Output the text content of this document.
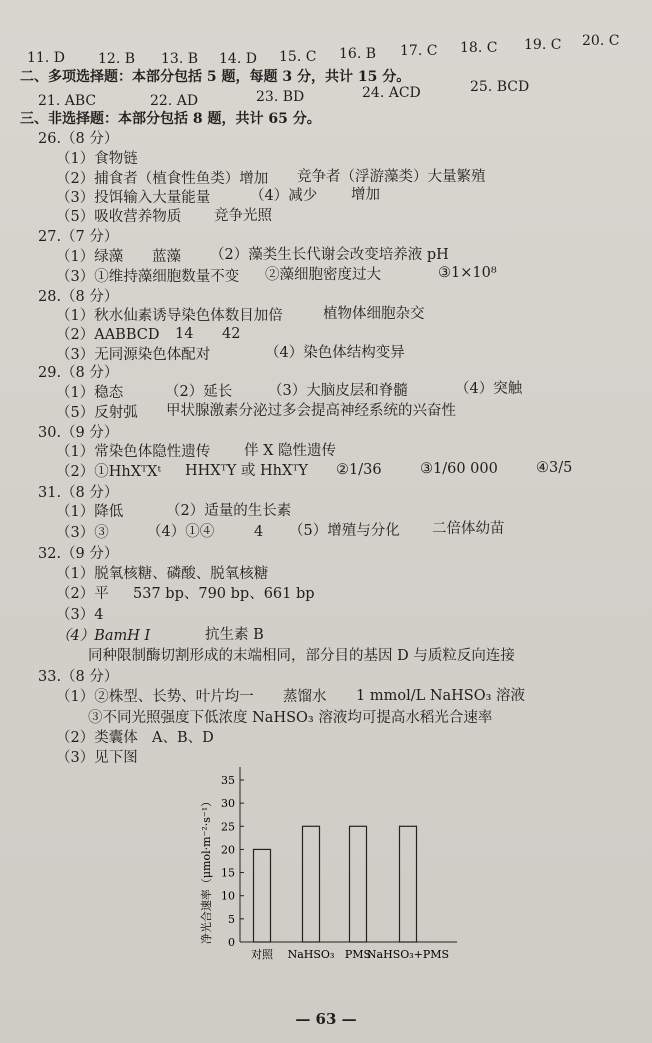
11. D 12. B 13. B 14. D 15. C 16. B 17. C 18. C 19. C 20. C
二、多项选择题：本部分包括 5 题，每题 3 分，共计 15 分。
21. ABC	22. AD	23. BD	24. ACD	25. BCD
三、非选择题：本部分包括 8 题，共计 65 分。
26.（8 分）
（1）食物链
（2）捕食者（植食性鱼类）增加 竞争者（浮游藻类）大量繁殖
（3）投饵输入大量能量	（4）减少 增加
（5）吸收营养物质 竞争光照
27.（7 分）
（1）绿藻 蓝藻 （2）藻类生长代谢会改变培养液 pH
（3）①维持藻细胞数量不变 ②藻细胞密度过大	③1×10⁸
28.（8 分）
（1）秋水仙素诱导染色体数目加倍	植物体细胞杂交
（2）AABBCD 14 42
（3）无同源染色体配对	（4）染色体结构变异
29.（8 分）
（1）稳态	（2）延长 （3）大脑皮层和脊髓	（4）突触
（5）反射弧 甲状腺激素分泌过多会提高神经系统的兴奋性
30.（9 分）
（1）常染色体隐性遗传 伴 X 隐性遗传
（2）①HhXᵀXᵗ HHXᵀY 或 HhXᵀY ②1/36	③1/60 000	④3/5
31.（8 分）
（1）降低	（2）适量的生长素
（3）③	（4）①④	4 （5）增殖与分化 二倍体幼苗
32.（9 分）
（1）脱氧核糖、磷酸、脱氧核糖
（2）平 537 bp、790 bp、661 bp
（3）4
（4）BamH Ⅰ	抗生素 B
同种限制酶切割形成的末端相同，部分目的基因 D 与质粒反向连接
33.（8 分）
（1）②株型、长势、叶片均一 蒸馏水 1 mmol/L NaHSO₃ 溶液
③不同光照强度下低浓度 NaHSO₃ 溶液均可提高水稻光合速率
（2）类囊体 A、B、D
（3）见下图
净光合速率（μmol·m⁻²·s⁻¹） 0
5
10
15
20
25
30
35
对照 NaHSO₃ PMS
NaHSO₃+PMS
— 63 —
